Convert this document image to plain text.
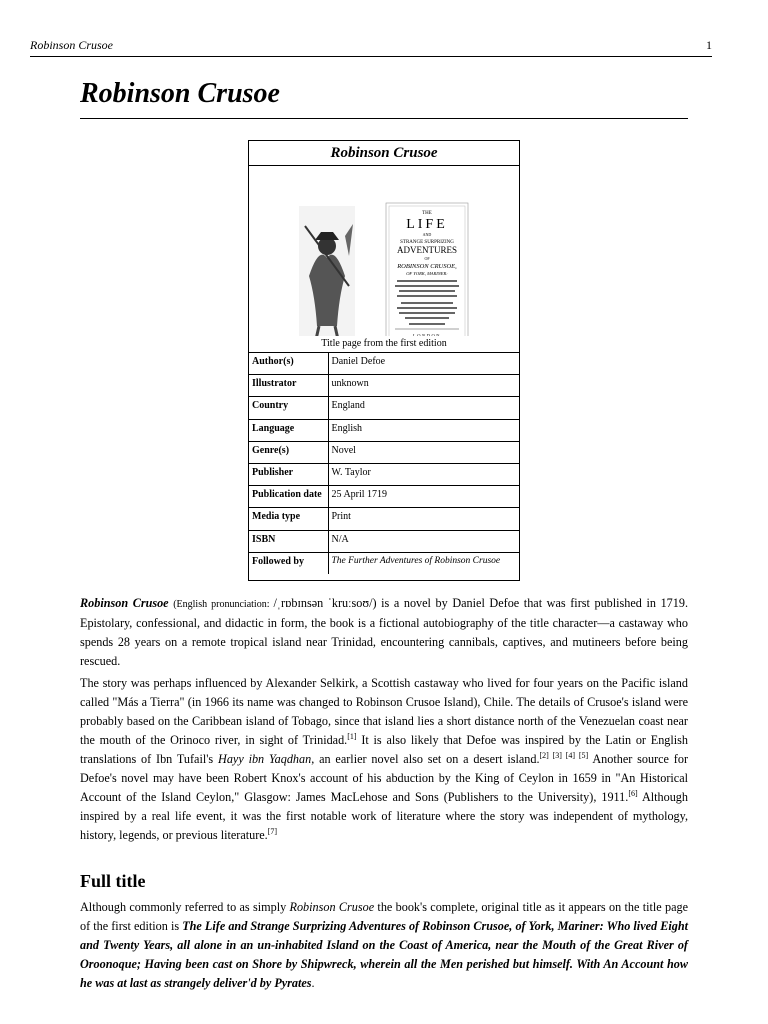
Robinson Crusoe	1
Robinson Crusoe
Robinson Crusoe
THE
LIFE
AND
STRANGE SURPRIZING
ADVENTURES
OF
ROBINSON CRUSOE,
OF YORK, MARINER:
LONDON
Title page from the first edition
Author(s)	Daniel Defoe
Illustrator	unknown
Country	England
Language	English
Genre(s)	Novel
Publisher	W. Taylor
Publication date	25 April 1719
Media type	Print
ISBN	N/A
Followed by	The Further Adventures of Robinson Crusoe

Robinson Crusoe (English pronunciation: /ˌrɒbɪnsən ˈkruːsoʊ/) is a novel by Daniel Defoe that was first published in 1719. Epistolary, confessional, and didactic in form, the book is a fictional autobiography of the title character—a castaway who spends 28 years on a remote tropical island near Trinidad, encountering cannibals, captives, and mutineers before being rescued.

The story was perhaps influenced by Alexander Selkirk, a Scottish castaway who lived for four years on the Pacific island called "Más a Tierra" (in 1966 its name was changed to Robinson Crusoe Island), Chile. The details of Crusoe's island were probably based on the Caribbean island of Tobago, since that island lies a short distance north of the Venezuelan coast near the mouth of the Orinoco river, in sight of Trinidad.[1] It is also likely that Defoe was inspired by the Latin or English translations of Ibn Tufail's Hayy ibn Yaqdhan, an earlier novel also set on a desert island.[2] [3] [4] [5] Another source for Defoe's novel may have been Robert Knox's account of his abduction by the King of Ceylon in 1659 in "An Historical Account of the Island Ceylon," Glasgow: James MacLehose and Sons (Publishers to the University), 1911.[6] Although inspired by a real life event, it was the first notable work of literature where the story was independent of mythology, history, legends, or previous literature.[7]

Full title

Although commonly referred to as simply Robinson Crusoe the book's complete, original title as it appears on the title page of the first edition is The Life and Strange Surprizing Adventures of Robinson Crusoe, of York, Mariner: Who lived Eight and Twenty Years, all alone in an un-inhabited Island on the Coast of America, near the Mouth of the Great River of Oroonoque; Having been cast on Shore by Shipwreck, wherein all the Men perished but himself. With An Account how he was at last as strangely deliver'd by Pyrates.
